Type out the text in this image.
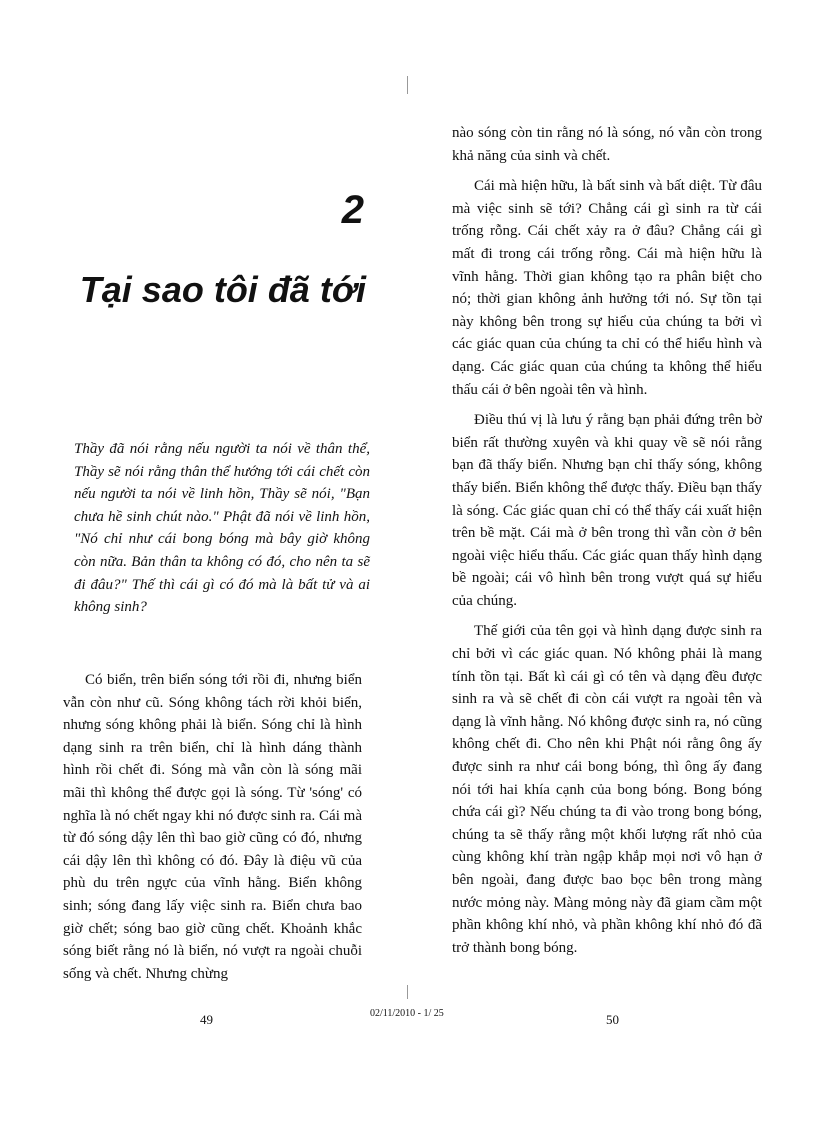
2
Tại sao tôi đã tới

Thầy đã nói rằng nếu người ta nói về thân thể, Thầy sẽ nói rằng thân thể hướng tới cái chết còn nếu người ta nói về linh hồn, Thầy sẽ nói, "Bạn chưa hề sinh chút nào." Phật đã nói về linh hồn, "Nó chỉ như cái bong bóng mà bây giờ không còn nữa. Bản thân ta không có đó, cho nên ta sẽ đi đâu?" Thế thì cái gì có đó mà là bất tử và ai không sinh?

Có biển, trên biển sóng tới rồi đi, nhưng biển vẫn còn như cũ. Sóng không tách rời khỏi biển, nhưng sóng không phải là biển. Sóng chỉ là hình dạng sinh ra trên biển, chỉ là hình dáng thành hình rồi chết đi. Sóng mà vẫn còn là sóng mãi mãi thì không thể được gọi là sóng. Từ 'sóng' có nghĩa là nó chết ngay khi nó được sinh ra. Cái mà từ đó sóng dậy lên thì bao giờ cũng có đó, nhưng cái dậy lên thì không có đó. Đây là điệu vũ của phù du trên ngực của vĩnh hằng. Biển không sinh; sóng đang lấy việc sinh ra. Biển chưa bao giờ chết; sóng bao giờ cũng chết. Khoảnh khắc sóng biết rằng nó là biển, nó vượt ra ngoài chuỗi sống và chết. Nhưng chừng

49

nào sóng còn tin rằng nó là sóng, nó vẫn còn trong khả năng của sinh và chết.

Cái mà hiện hữu, là bất sinh và bất diệt. Từ đâu mà việc sinh sẽ tới? Chẳng cái gì sinh ra từ cái trống rỗng. Cái chết xảy ra ở đâu? Chẳng cái gì mất đi trong cái trống rỗng. Cái mà hiện hữu là vĩnh hằng. Thời gian không tạo ra phân biệt cho nó; thời gian không ảnh hưởng tới nó. Sự tồn tại này không bên trong sự hiểu của chúng ta bởi vì các giác quan của chúng ta chỉ có thể hiểu hình và dạng. Các giác quan của chúng ta không thể hiểu thấu cái ở bên ngoài tên và hình.

Điều thú vị là lưu ý rằng bạn phải đứng trên bờ biển rất thường xuyên và khi quay về sẽ nói rằng bạn đã thấy biển. Nhưng bạn chỉ thấy sóng, không thấy biển. Biển không thể được thấy. Điều bạn thấy là sóng. Các giác quan chỉ có thể thấy cái xuất hiện trên bề mặt. Cái mà ở bên trong thì vẫn còn ở bên ngoài việc hiểu thấu. Các giác quan thấy hình dạng bề ngoài; cái vô hình bên trong vượt quá sự hiểu của chúng.

Thế giới của tên gọi và hình dạng được sinh ra chỉ bởi vì các giác quan. Nó không phải là mang tính tồn tại. Bất kì cái gì có tên và dạng đều được sinh ra và sẽ chết đi còn cái vượt ra ngoài tên và dạng là vĩnh hằng. Nó không được sinh ra, nó cũng không chết đi. Cho nên khi Phật nói rằng ông ấy được sinh ra như cái bong bóng, thì ông ấy đang nói tới hai khía cạnh của bong bóng. Bong bóng chứa cái gì? Nếu chúng ta đi vào trong bong bóng, chúng ta sẽ thấy rằng một khối lượng rất nhỏ của cùng không khí tràn ngập khắp mọi nơi vô hạn ở bên ngoài, đang được bao bọc bên trong màng nước mỏng này. Màng mỏng này đã giam cầm một phần không khí nhỏ, và phần không khí nhỏ đó đã trở thành bong bóng.

50
02/11/2010 - 1/ 25
